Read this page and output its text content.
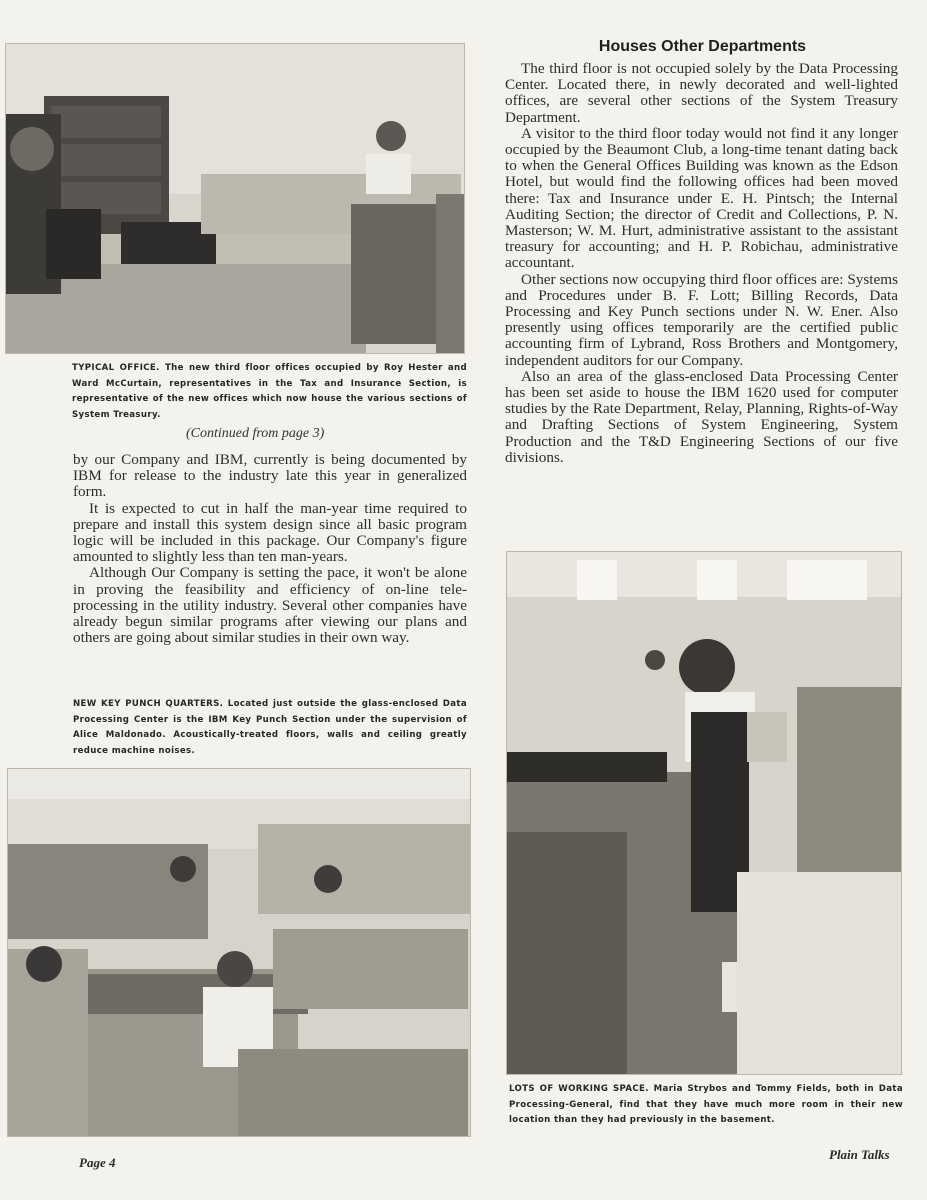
TYPICAL OFFICE. The new third floor offices occupied by Roy Hester and Ward McCurtain, representatives in the Tax and Insurance Section, is representative of the new offices which now house the various sections of System Treasury.
(Continued from page 3)

by our Company and IBM, currently is being documented by IBM for release to the industry late this year in generalized form.

It is expected to cut in half the man-year time required to prepare and install this system design since all basic program logic will be included in this package. Our Company's figure amounted to slightly less than ten man-years.

Although Our Company is setting the pace, it won't be alone in proving the feasibility and efficiency of on-line tele-processing in the utility industry. Several other companies have already begun similar programs after viewing our plans and others are going about similar studies in their own way.

NEW KEY PUNCH QUARTERS. Located just outside the glass-enclosed Data Processing Center is the IBM Key Punch Section under the supervision of Alice Maldonado. Acoustically-treated floors, walls and ceiling greatly reduce machine noises.
Houses Other Departments

The third floor is not occupied solely by the Data Processing Center. Located there, in newly decorated and well-lighted offices, are several other sections of the System Treasury Department.

A visitor to the third floor today would not find it any longer occupied by the Beaumont Club, a long-time tenant dating back to when the General Offices Building was known as the Edson Hotel, but would find the following offices had been moved there: Tax and Insurance under E. H. Pintsch; the Internal Auditing Section; the director of Credit and Collections, P. N. Masterson; W. M. Hurt, administrative assistant to the assistant treasury for accounting; and H. P. Robichau, administrative accountant.

Other sections now occupying third floor offices are: Systems and Procedures under B. F. Lott; Billing Records, Data Processing and Key Punch sections under N. W. Ener. Also presently using offices temporarily are the certified public accounting firm of Lybrand, Ross Brothers and Montgomery, independent auditors for our Company.

Also an area of the glass-enclosed Data Processing Center has been set aside to house the IBM 1620 used for computer studies by the Rate Department, Relay, Planning, Rights-of-Way and Drafting Sections of System Engineering, System Production and the T&D Engineering Sections of our five divisions.

LOTS OF WORKING SPACE. Maria Strybos and Tommy Fields, both in Data Processing-General, find that they have much more room in their new location than they had previously in the basement.
Page 4
Plain Talks
